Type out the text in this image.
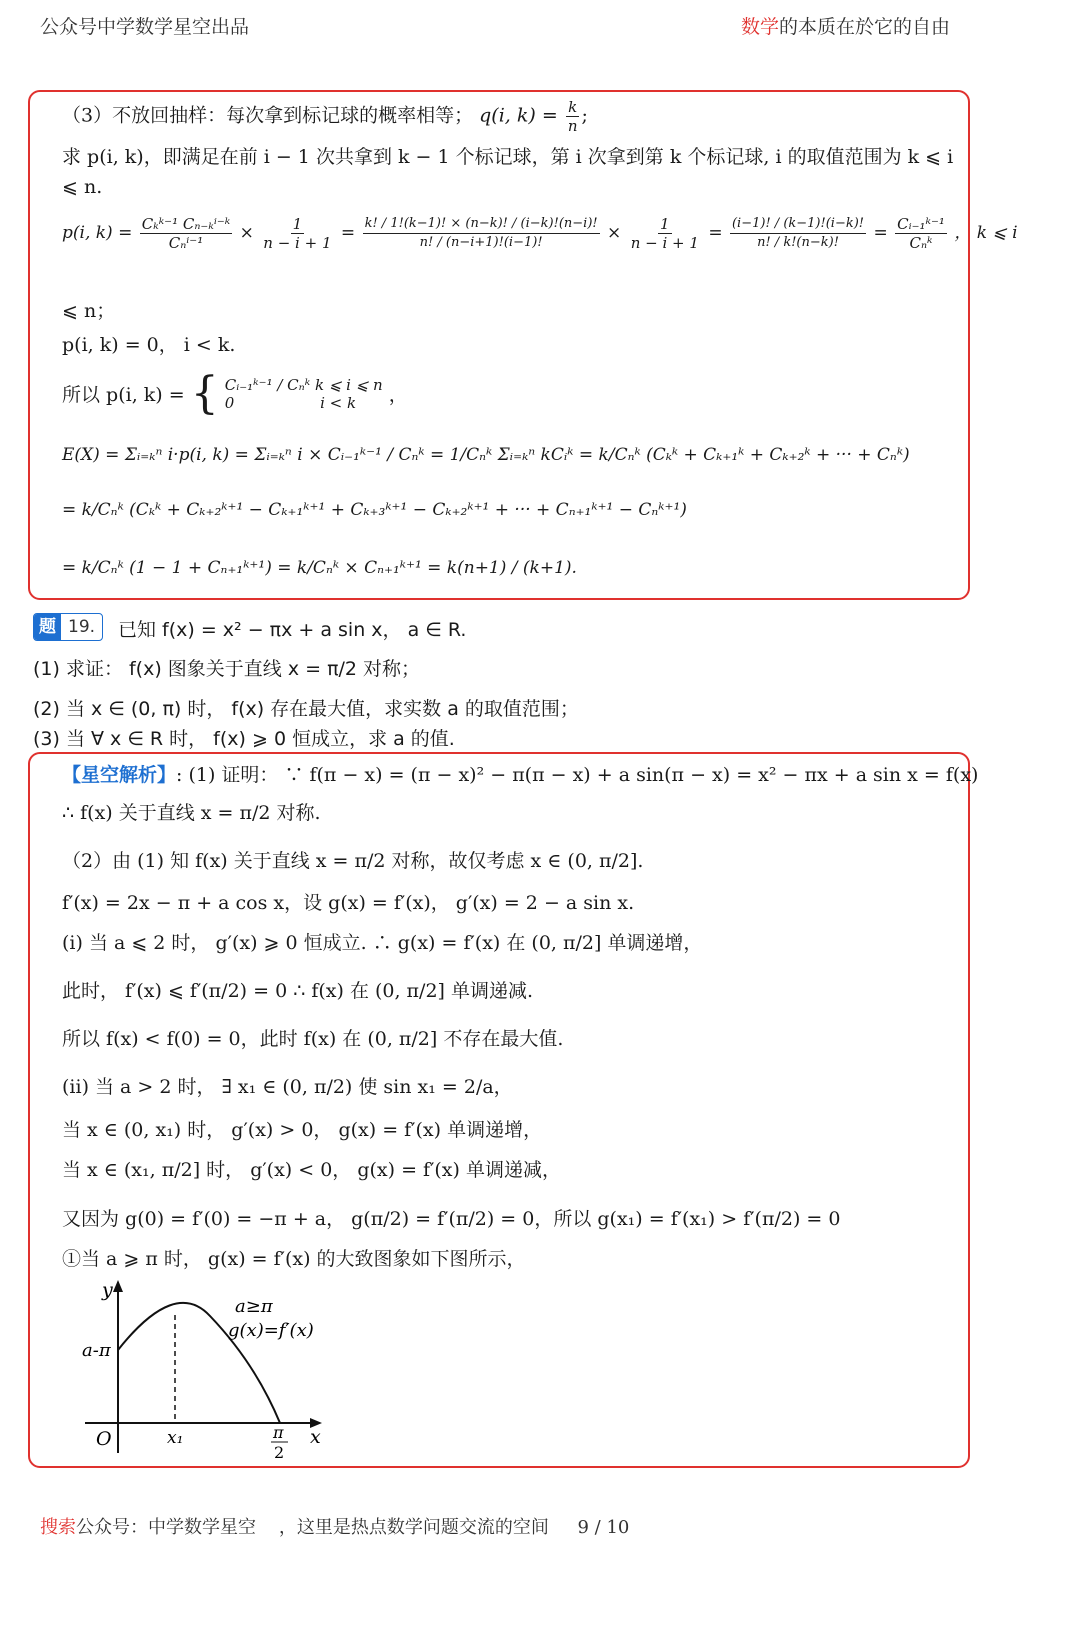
公众号中学数学星空出品	数学的本质在於它的自由
（3）不放回抽样：每次拿到标记球的概率相等； q(i, $k) = \frac{k}{n}$ ;
求 p(i, k)，即满足在前 i − 1 次共拿到 k − 1 个标记球，第 i 次拿到第 k 个标记球, i 的取值范围为 k ⩽ i
⩽ n.
p(i, $k) = \frac{\text{Cₖᵏ⁻¹ Cₙ₋ₖⁱ⁻ᵏ}}{\text{Cₙⁱ⁻¹}} \times \frac{1}{n - i + 1} = \frac{k! / 1!(k-1)! \times (n-k)! / (i-k)!(n-i)!}{n! / (n-i+1)!(i-1)!} \times \frac{1}{n - i + 1} = \frac{(i-1)! / (k-1)!(i-k)!}{n! / k!(n-k)!} = \frac{\text{Cᵢ₋₁ᵏ⁻¹}}{\text{Cₙᵏ}}$ ， k ⩽ i
⩽ n；
p(i, k) = 0， i < k.
所以 p(i, k) = { Cᵢ₋₁ᵏ⁻¹ / Cₙᵏ k ⩽ i ⩽ n
0                  i < k	，
E(X) = Σᵢ₌ₖⁿ i·p(i, k) = Σᵢ₌ₖⁿ i × Cᵢ₋₁ᵏ⁻¹ / Cₙᵏ = 1/Cₙᵏ Σᵢ₌ₖⁿ kCᵢᵏ = k/Cₙᵏ (Cₖᵏ + Cₖ₊₁ᵏ + Cₖ₊₂ᵏ + ··· + Cₙᵏ)
= k/Cₙᵏ (Cₖᵏ + Cₖ₊₂ᵏ⁺¹ − Cₖ₊₁ᵏ⁺¹ + Cₖ₊₃ᵏ⁺¹ − Cₖ₊₂ᵏ⁺¹ + ··· + Cₙ₊₁ᵏ⁺¹ − Cₙᵏ⁺¹)
= k/Cₙᵏ (1 − 1 + Cₙ₊₁ᵏ⁺¹) = k/Cₙᵏ × Cₙ₊₁ᵏ⁺¹ = k(n+1) / (k+1).
题 19.	已知 f(x) = x² − πx + a sin x， a ∈ R.
(1) 求证： f(x) 图象关于直线 x = π/2 对称；
(2) 当 x ∈ (0, π) 时， f(x) 存在最大值，求实数 a 的取值范围；
(3) 当 ∀ x ∈ R 时， f(x) ⩾ 0 恒成立，求 a 的值.
【星空解析】: (1) 证明： ∵ f(π − x) = (π − x)² − π(π − x) + a sin(π − x) = x² − πx + a sin x = f(x)
∴ f(x) 关于直线 x = π/2 对称.
（2）由 (1) 知 f(x) 关于直线 x = π/2 对称，故仅考虑 x ∈ (0, π/2].
f′(x) = 2x − π + a cos x，设 g(x) = f′(x)， g′(x) = 2 − a sin x.
(i) 当 a ⩽ 2 时， g′(x) ⩾ 0 恒成立. ∴ g(x) = f′(x) 在 (0, π/2] 单调递增，
此时， f′(x) ⩽ f′(π/2) = 0 ∴ f(x) 在 (0, π/2] 单调递减.
所以 f(x) < f(0) = 0，此时 f(x) 在 (0, π/2] 不存在最大值.
(ii) 当 a > 2 时， ∃ x₁ ∈ (0, π/2) 使 sin x₁ = 2/a，
当 x ∈ (0, x₁) 时， g′(x) > 0， g(x) = f′(x) 单调递增，
当 x ∈ (x₁, π/2] 时， g′(x) < 0， g(x) = f′(x) 单调递减，
又因为 g(0) = f′(0) = −π + a， g(π/2) = f′(π/2) = 0，所以 g(x₁) = f′(x₁) > f′(π/2) = 0
①当 a ⩾ π 时， g(x) = f′(x) 的大致图象如下图所示，
y
x
O	x₁	π
2
a-π
a≥π
g(x)=f′(x)
搜索公众号：中学数学星空    ，这里是热点数学问题交流的空间     9 / 10
